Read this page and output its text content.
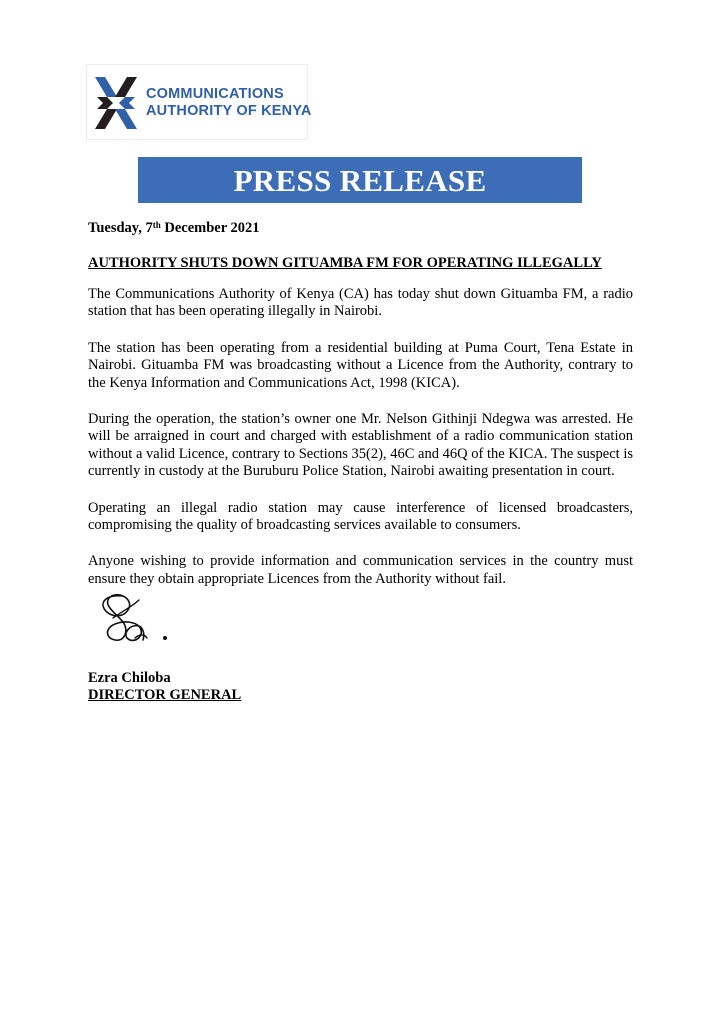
COMMUNICATIONS
AUTHORITY OF KENYA
PRESS RELEASE
Tuesday, 7th December 2021
AUTHORITY SHUTS DOWN GITUAMBA FM FOR OPERATING ILLEGALLY

The Communications Authority of Kenya (CA) has today shut down Gituamba FM, a radio station that has been operating illegally in Nairobi.

The station has been operating from a residential building at Puma Court, Tena Estate in Nairobi. Gituamba FM was broadcasting without a Licence from the Authority, contrary to the Kenya Information and Communications Act, 1998 (KICA).

During the operation, the station’s owner one Mr. Nelson Githinji Ndegwa was arrested. He will be arraigned in court and charged with establishment of a radio communication station without a valid Licence, contrary to Sections 35(2), 46C and 46Q of the KICA. The suspect is currently in custody at the Buruburu Police Station, Nairobi awaiting presentation in court.

Operating an illegal radio station may cause interference of licensed broadcasters, compromising the quality of broadcasting services available to consumers.

Anyone wishing to provide information and communication services in the country must ensure they obtain appropriate Licences from the Authority without fail.

Ezra Chiloba
DIRECTOR GENERAL
